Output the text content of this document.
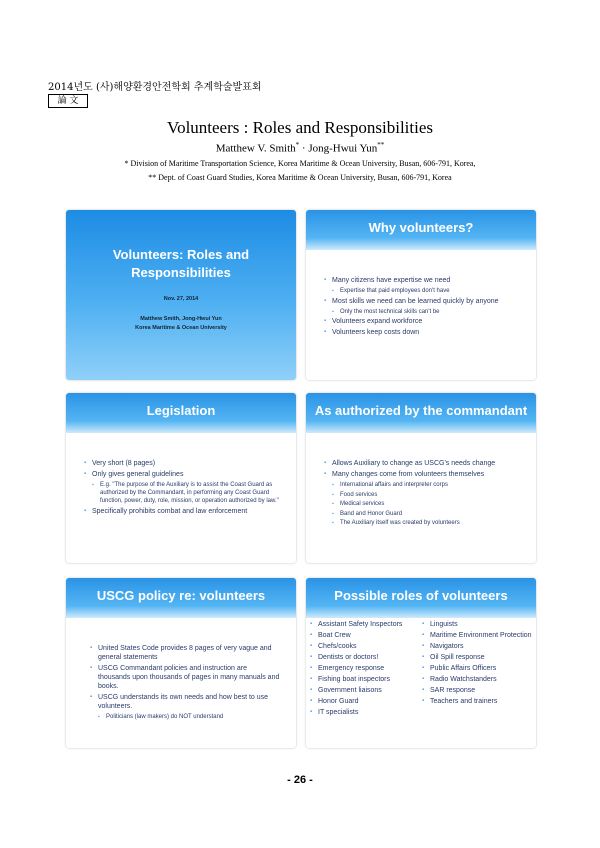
2014년도 (사)해양환경안전학회 추계학술발표회
論 文
Volunteers : Roles and Responsibilities
Matthew V. Smith* · Jong-Hwui Yun**
* Division of Maritime Transportation Science, Korea Maritime & Ocean University, Busan, 606-791, Korea,
** Dept. of Coast Guard Studies, Korea Maritime & Ocean University, Busan, 606-791, Korea
Volunteers: Roles and
Responsibilities
Nov. 27, 2014
Matthew Smith, Jong-Hwui Yun
Korea Maritime & Ocean University
Why volunteers?
▪ Many citizens have expertise we need
▪ Expertise that paid employees don't have
▪ Most skills we need can be learned quickly by anyone
▪ Only the most technical skills can't be
▪ Volunteers expand workforce
▪ Volunteers keep costs down
Legislation
▪ Very short (8 pages)
▪ Only gives general guidelines
▪ E.g. "The purpose of the Auxiliary is to assist the Coast Guard as authorized by the Commandant, in performing any Coast Guard function, power, duty, role, mission, or operation authorized by law."
▪ Specifically prohibits combat and law enforcement
As authorized by the commandant
▪ Allows Auxiliary to change as USCG's needs change
▪ Many changes come from volunteers themselves
▪ International affairs and interpreter corps
▪ Food services
▪ Medical services
▪ Band and Honor Guard
▪ The Auxiliary itself was created by volunteers
USCG policy re: volunteers
▪ United States Code provides 8 pages of very vague and general statements
▪ USCG Commandant policies and instruction are thousands upon thousands of pages in many manuals and books.
▪ USCG understands its own needs and how best to use volunteers.
▪ Politicians (law makers) do NOT understand
Possible roles of volunteers
▪ Assistant Safety Inspectors
▪ Boat Crew
▪ Chefs/cooks
▪ Dentists or doctors!
▪ Emergency response
▪ Fishing boat inspectors
▪ Government liaisons
▪ Honor Guard
▪ IT specialists
▪ Linguists
▪ Maritime Environment Protection
▪ Navigators
▪ Oil Spill response
▪ Public Affairs Officers
▪ Radio Watchstanders
▪ SAR response
▪ Teachers and trainers
- 26 -
